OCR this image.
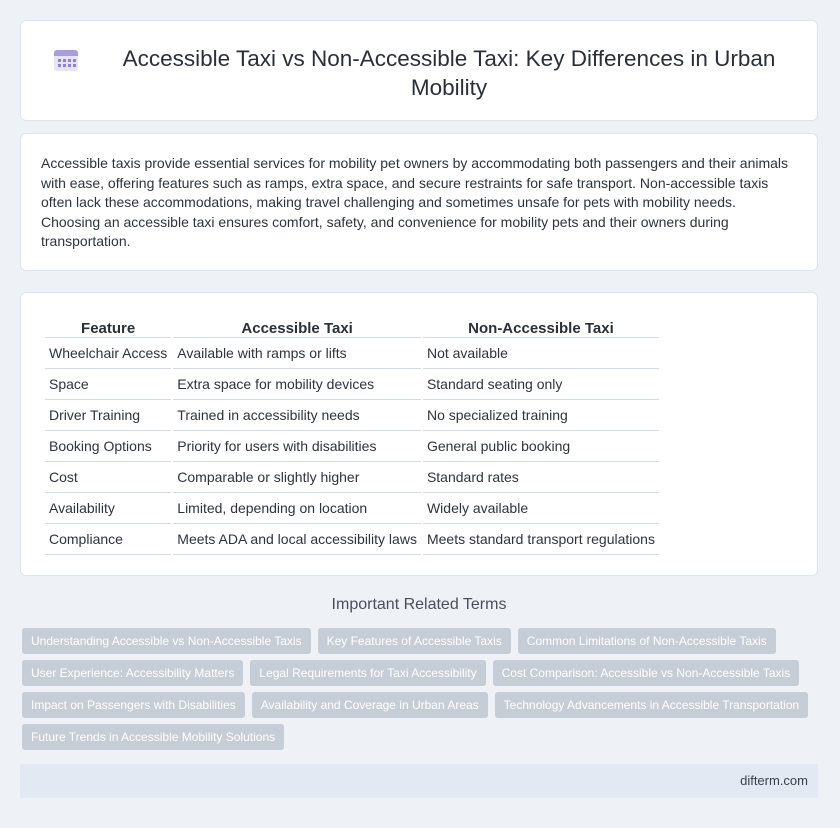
Accessible Taxi vs Non-Accessible Taxi: Key Differences in Urban Mobility

Accessible taxis provide essential services for mobility pet owners by accommodating both passengers and their animals with ease, offering features such as ramps, extra space, and secure restraints for safe transport. Non-accessible taxis often lack these accommodations, making travel challenging and sometimes unsafe for pets with mobility needs. Choosing an accessible taxi ensures comfort, safety, and convenience for mobility pets and their owners during transportation.

Feature	Accessible Taxi	Non-Accessible Taxi
Wheelchair Access	Available with ramps or lifts	Not available
Space	Extra space for mobility devices	Standard seating only
Driver Training	Trained in accessibility needs	No specialized training
Booking Options	Priority for users with disabilities	General public booking
Cost	Comparable or slightly higher	Standard rates
Availability	Limited, depending on location	Widely available
Compliance	Meets ADA and local accessibility laws	Meets standard transport regulations
Important Related Terms
Understanding Accessible vs Non-Accessible Taxis	Key Features of Accessible Taxis	Common Limitations of Non-Accessible Taxis
User Experience: Accessibility Matters	Legal Requirements for Taxi Accessibility	Cost Comparison: Accessible vs Non-Accessible Taxis
Impact on Passengers with Disabilities	Availability and Coverage in Urban Areas	Technology Advancements in Accessible Transportation
Future Trends in Accessible Mobility Solutions
difterm.com
